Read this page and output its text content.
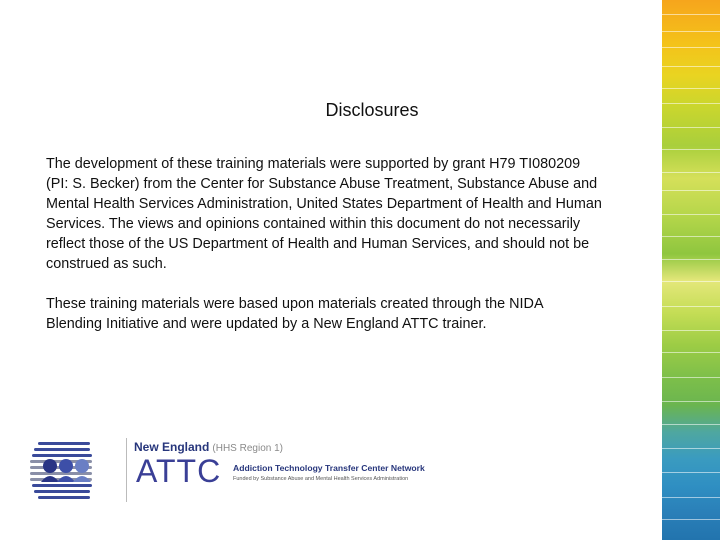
Disclosures

The development of these training materials were supported by grant H79 TI080209
(PI: S. Becker) from the Center for Substance Abuse Treatment, Substance Abuse and
Mental Health Services Administration, United States Department of Health and Human
Services. The views and opinions contained within this document do not necessarily
reflect those of the US Department of Health and Human Services, and should not be
construed as such.

These training materials were based upon materials created through the NIDA
Blending Initiative and were updated by a New England ATTC trainer.

New England (HHS Region 1)
ATTC Addiction Technology Transfer Center Network
Funded by Substance Abuse and Mental Health Services Administration
